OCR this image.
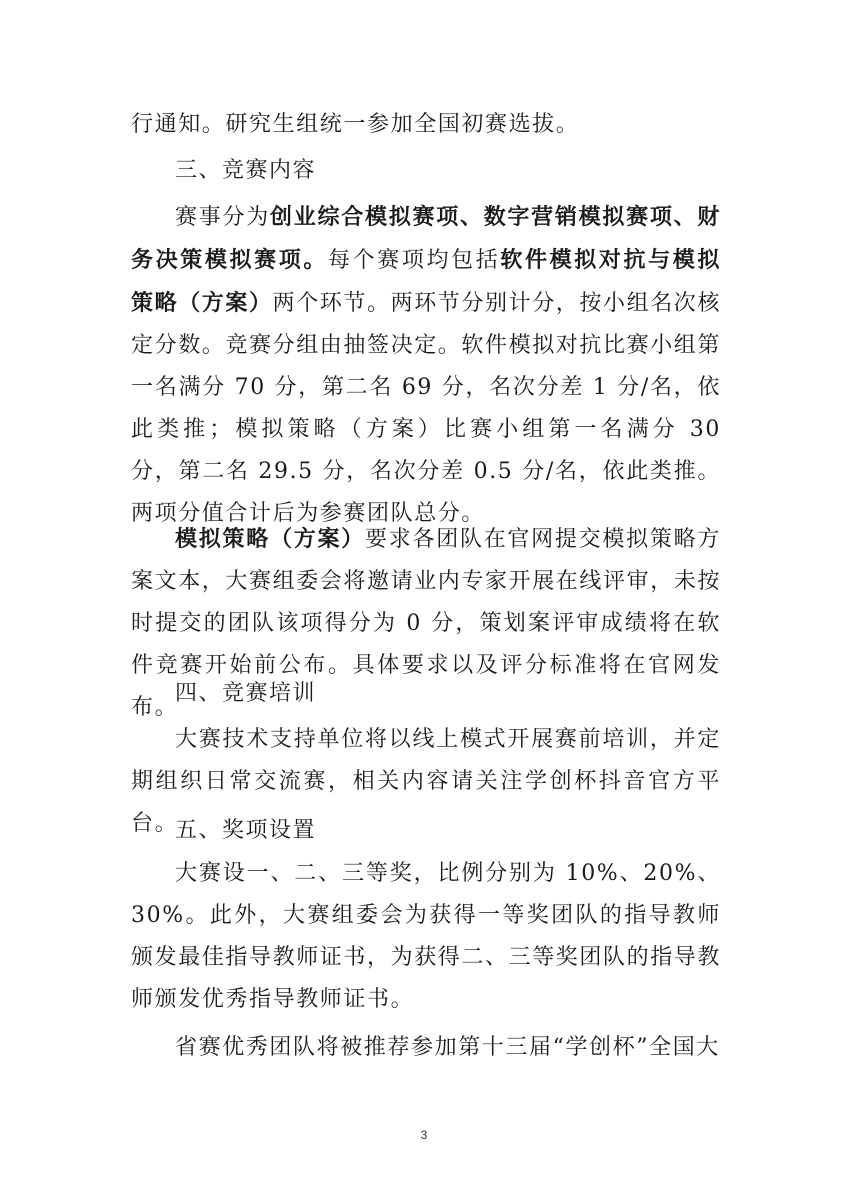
行通知。研究生组统一参加全国初赛选拔。

三、竞赛内容

赛事分为创业综合模拟赛项、数字营销模拟赛项、财务决策模拟赛项。每个赛项均包括软件模拟对抗与模拟策略（方案）两个环节。两环节分别计分，按小组名次核定分数。竞赛分组由抽签决定。软件模拟对抗比赛小组第一名满分 70 分，第二名 69 分，名次分差 1 分/名，依此类推；模拟策略（方案）比赛小组第一名满分 30 分，第二名 29.5 分，名次分差 0.5 分/名，依此类推。两项分值合计后为参赛团队总分。

模拟策略（方案）要求各团队在官网提交模拟策略方案文本，大赛组委会将邀请业内专家开展在线评审，未按时提交的团队该项得分为 0 分，策划案评审成绩将在软件竞赛开始前公布。具体要求以及评分标准将在官网发布。

四、竞赛培训

大赛技术支持单位将以线上模式开展赛前培训，并定期组织日常交流赛，相关内容请关注学创杯抖音官方平台。

五、奖项设置

大赛设一、二、三等奖，比例分别为 10%、20%、30%。此外，大赛组委会为获得一等奖团队的指导教师颁发最佳指导教师证书，为获得二、三等奖团队的指导教师颁发优秀指导教师证书。

省赛优秀团队将被推荐参加第十三届“学创杯”全国大

3
